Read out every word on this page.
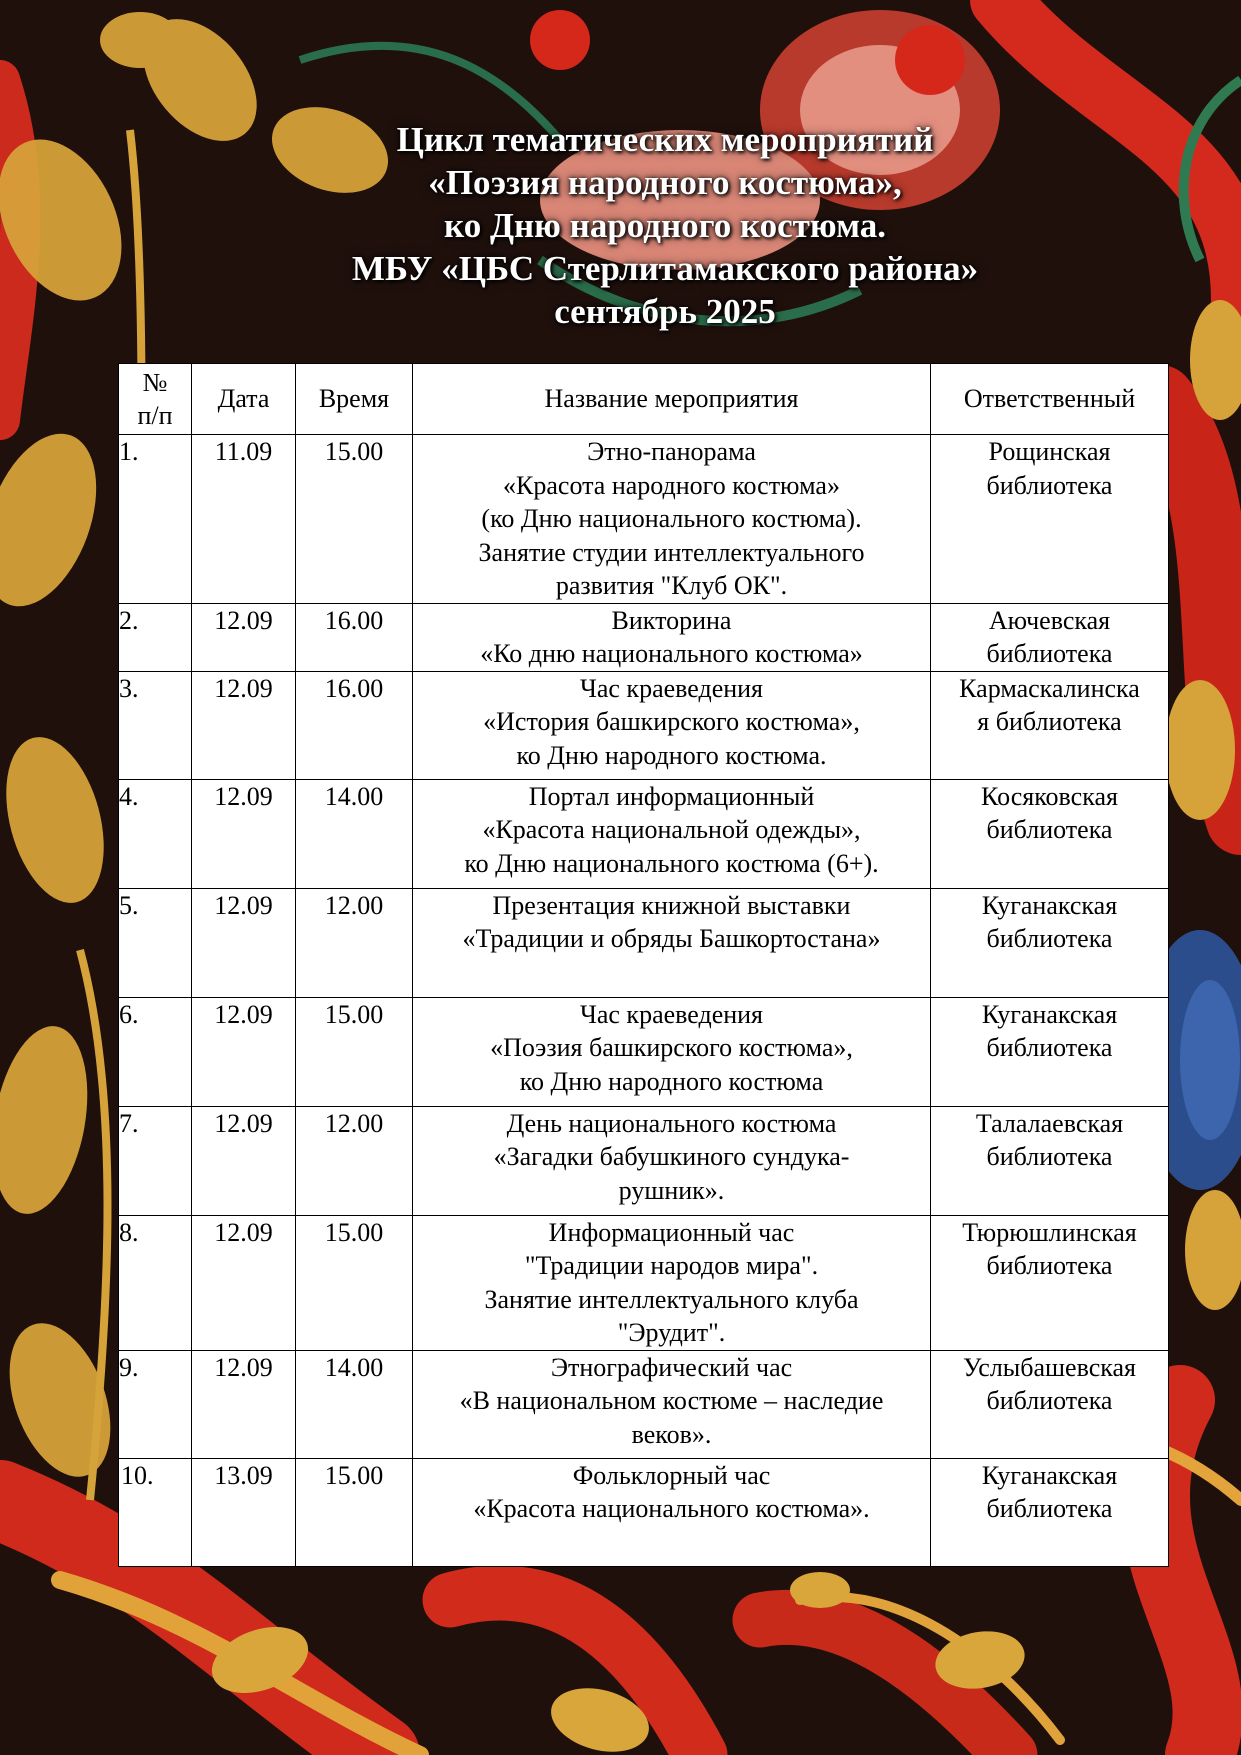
Цикл тематических мероприятий
«Поэзия народного костюма»,
ко Дню народного костюма.
МБУ «ЦБС Стерлитамакского района»
сентябрь 2025
№
п/п	Дата	Время	Название мероприятия	Ответственный
1.	11.09	15.00	Этно-панорама
«Красота народного костюма»
(ко Дню национального костюма).
Занятие студии интеллектуального
развития "Клуб ОК".	Рощинская
библиотека

2.	12.09	16.00	Викторина
«Ко дню национального костюма»	Аючевская
библиотека

3.	12.09	16.00	Час краеведения
«История башкирского костюма»,
ко Дню народного костюма.	Кармаскалинска
я библиотека

4.	12.09	14.00	Портал информационный
«Красота национальной одежды»,
ко Дню национального костюма (6+).	Косяковская
библиотека

5.	12.09	12.00	Презентация книжной выставки
«Традиции и обряды Башкортостана»	Куганакская
библиотека

6.	12.09	15.00	Час краеведения
«Поэзия башкирского костюма»,
ко Дню народного костюма	Куганакская
библиотека

7.	12.09	12.00	День национального костюма
«Загадки бабушкиного сундука-
рушник».	Талалаевская
библиотека

8.	12.09	15.00	Информационный час
"Традиции народов мира".
Занятие интеллектуального клуба
"Эрудит".	Тюрюшлинская
библиотека

9.	12.09	14.00	Этнографический час
«В национальном костюме – наследие
веков».	Услыбашевская
библиотека

10.	13.09	15.00	Фольклорный час
«Красота национального костюма».	Куганакская
библиотека
